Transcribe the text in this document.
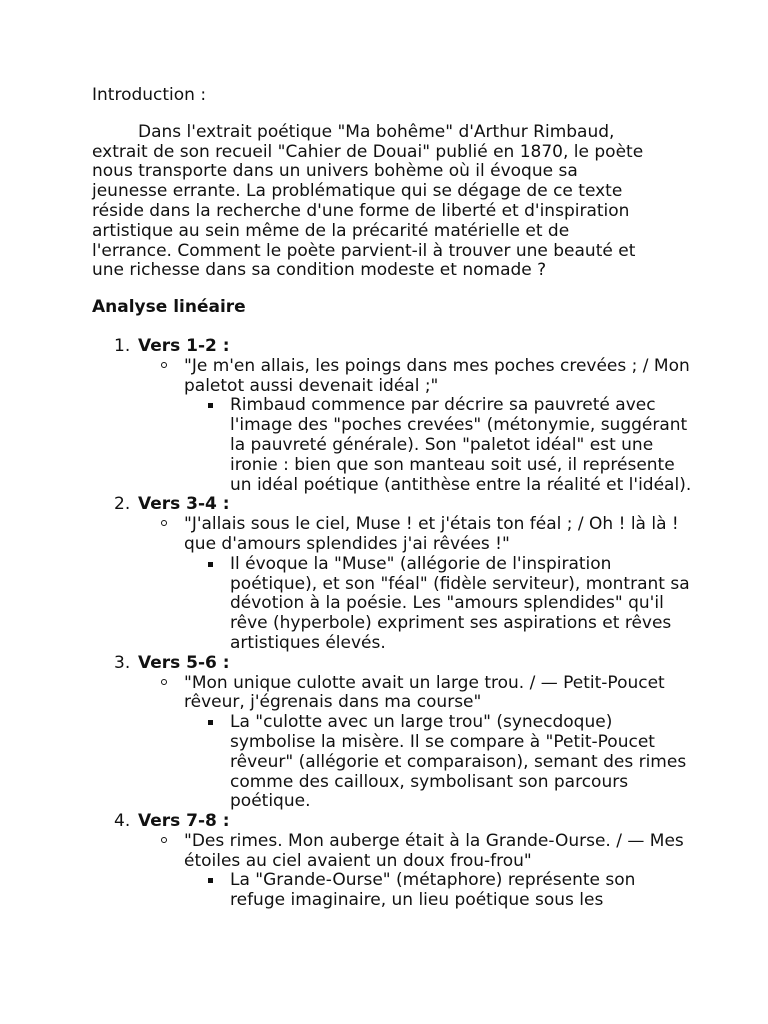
Introduction :

Dans l'extrait poétique "Ma bohême" d'Arthur Rimbaud, extrait de son recueil "Cahier de Douai" publié en 1870, le poète nous transporte dans un univers bohème où il évoque sa jeunesse errante. La problématique qui se dégage de ce texte réside dans la recherche d'une forme de liberté et d'inspiration artistique au sein même de la précarité matérielle et de l'errance. Comment le poète parvient-il à trouver une beauté et une richesse dans sa condition modeste et nomade ?

Analyse linéaire

1. Vers 1-2 :
"Je m'en allais, les poings dans mes poches crevées ; / Mon paletot aussi devenait idéal ;"
Rimbaud commence par décrire sa pauvreté avec l'image des "poches crevées" (métonymie, suggérant la pauvreté générale). Son "paletot idéal" est une ironie : bien que son manteau soit usé, il représente un idéal poétique (antithèse entre la réalité et l'idéal).
2. Vers 3-4 :
"J'allais sous le ciel, Muse ! et j'étais ton féal ; / Oh ! là là ! que d'amours splendides j'ai rêvées !"
Il évoque la "Muse" (allégorie de l'inspiration poétique), et son "féal" (fidèle serviteur), montrant sa dévotion à la poésie. Les "amours splendides" qu'il rêve (hyperbole) expriment ses aspirations et rêves artistiques élevés.
3. Vers 5-6 :
"Mon unique culotte avait un large trou. / — Petit-Poucet rêveur, j'égrenais dans ma course"
La "culotte avec un large trou" (synecdoque) symbolise la misère. Il se compare à "Petit-Poucet rêveur" (allégorie et comparaison), semant des rimes comme des cailloux, symbolisant son parcours poétique.
4. Vers 7-8 :
"Des rimes. Mon auberge était à la Grande-Ourse. / — Mes étoiles au ciel avaient un doux frou-frou"
La "Grande-Ourse" (métaphore) représente son refuge imaginaire, un lieu poétique sous les
